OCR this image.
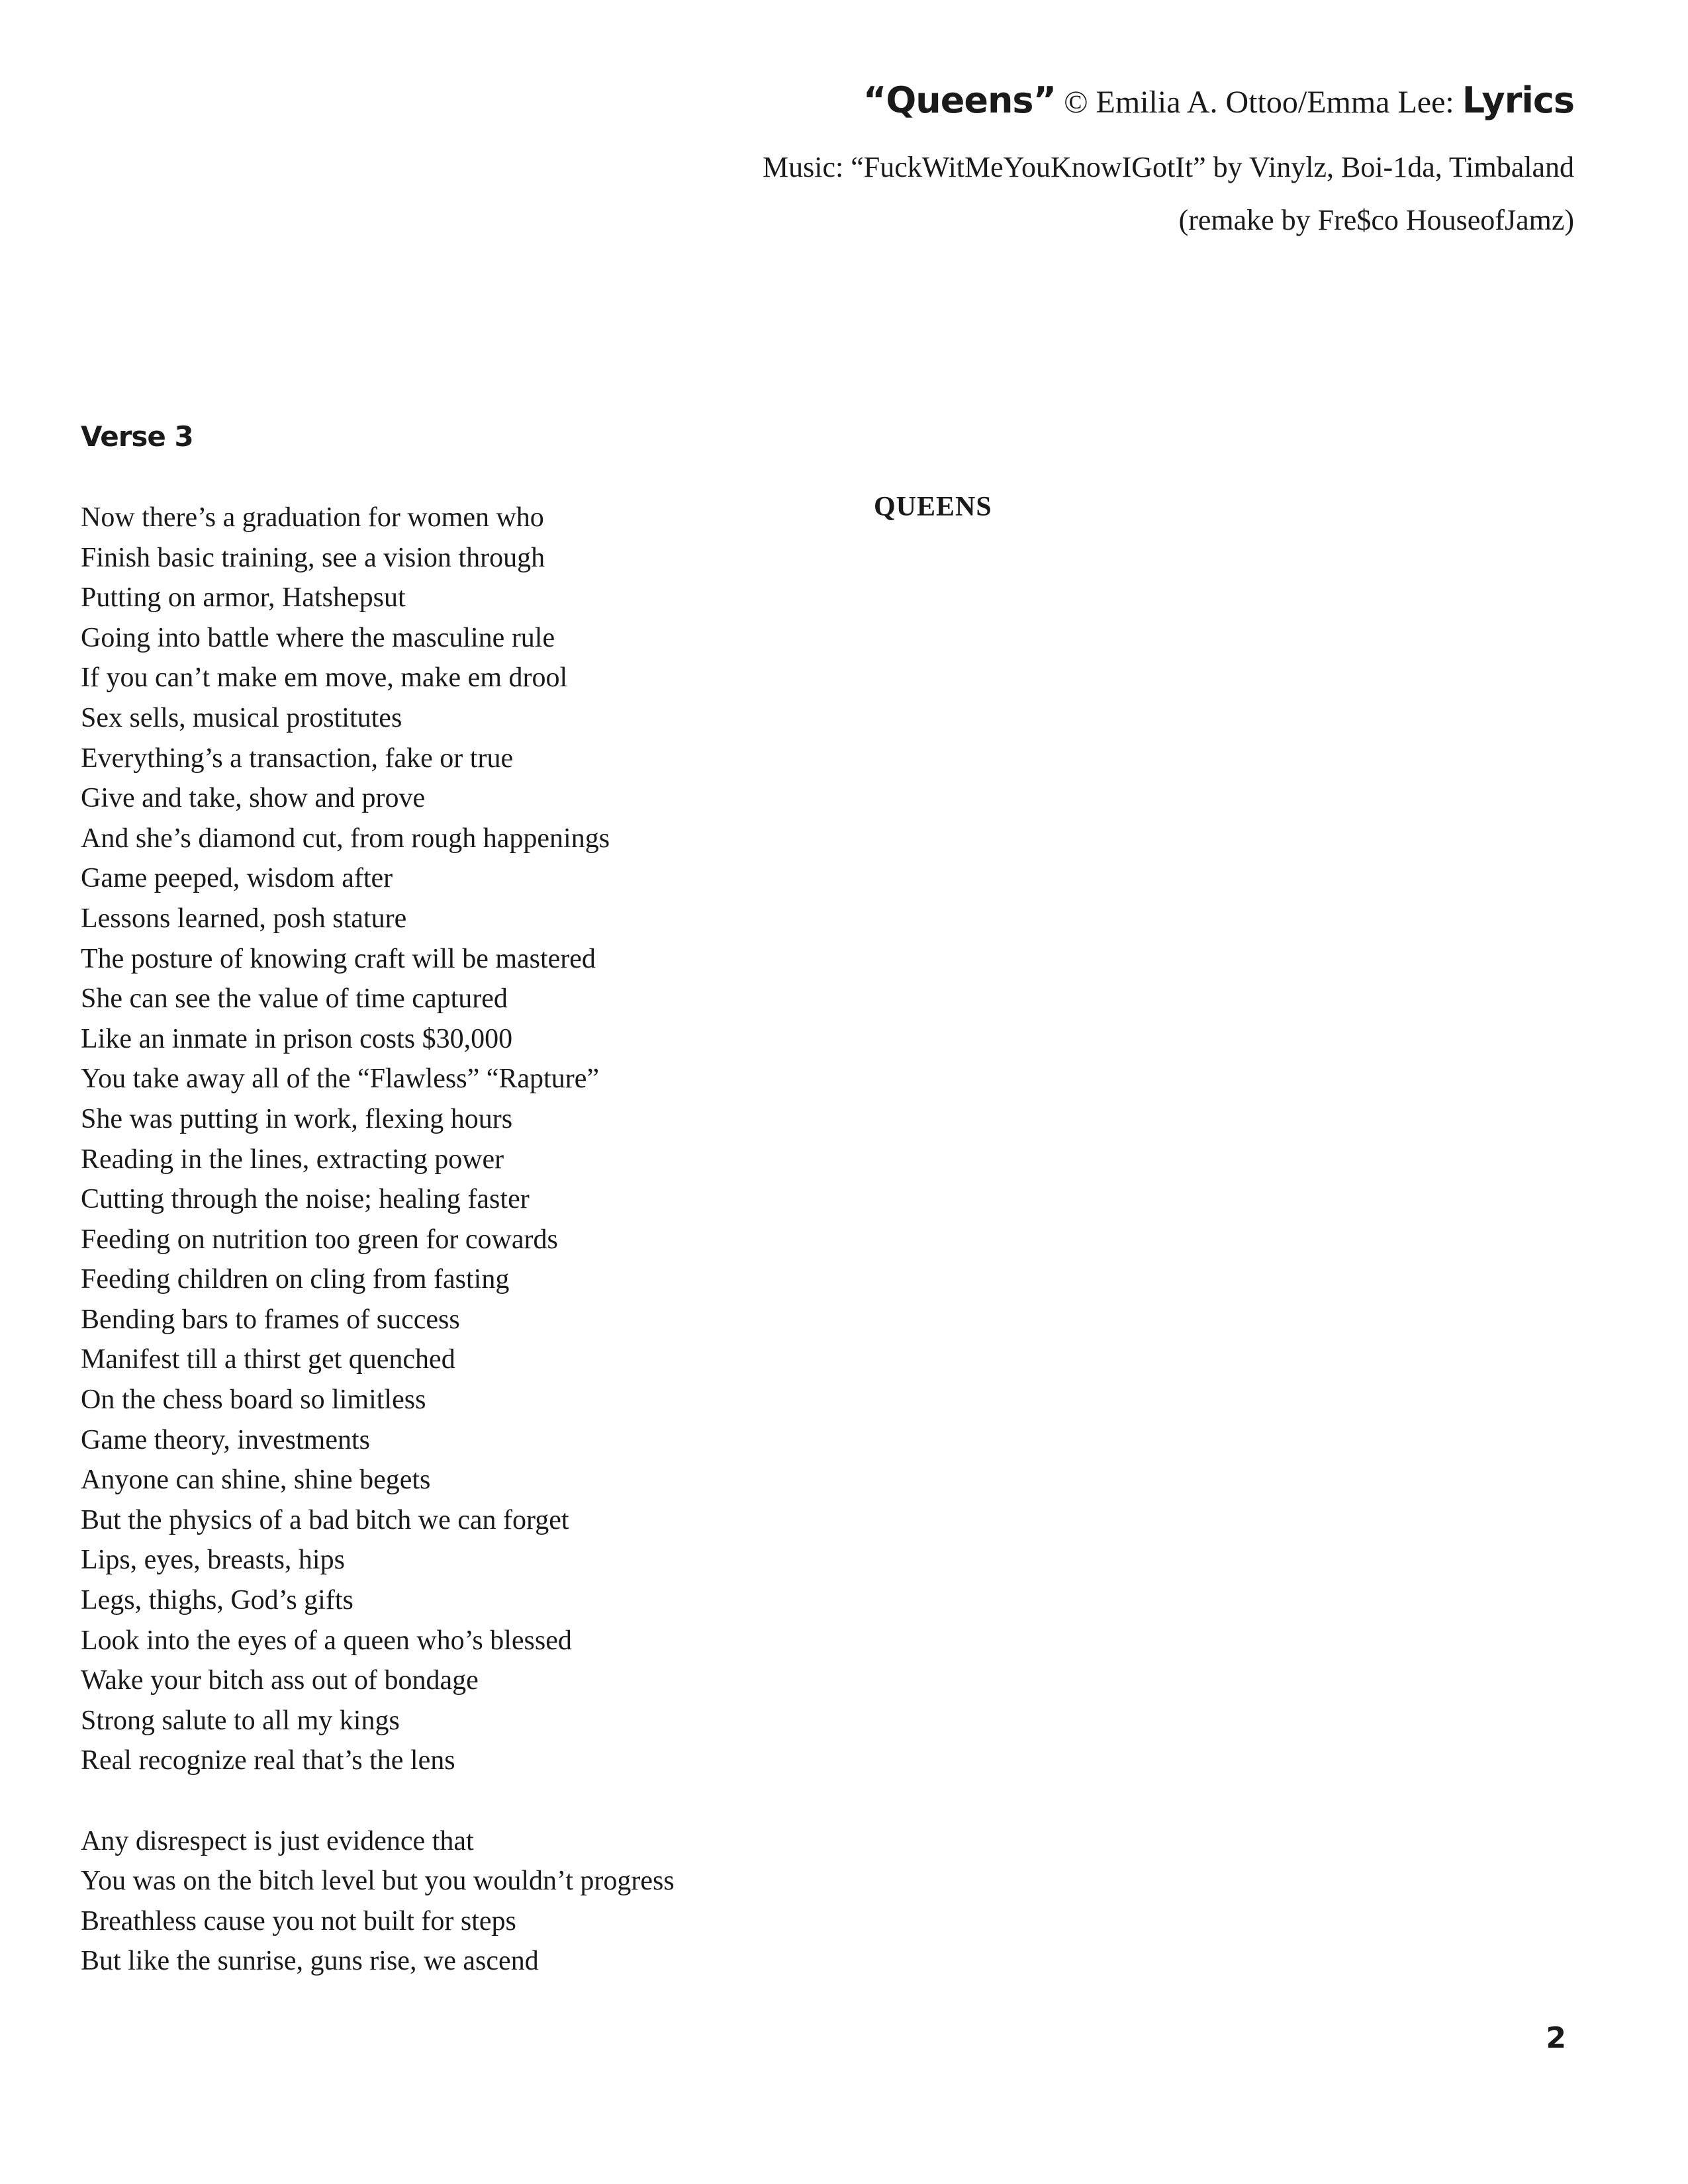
“Queens” © Emilia A. Ottoo/Emma Lee: Lyrics
Music: “FuckWitMeYouKnowIGotIt” by Vinylz, Boi-1da, Timbaland
(remake by Fre$co HouseofJamz)
Verse 3
QUEENS
Now there’s a graduation for women who
Finish basic training, see a vision through
Putting on armor, Hatshepsut
Going into battle where the masculine rule
If you can’t make em move, make em drool
Sex sells, musical prostitutes
Everything’s a transaction, fake or true
Give and take, show and prove
And she’s diamond cut, from rough happenings
Game peeped, wisdom after
Lessons learned, posh stature
The posture of knowing craft will be mastered
She can see the value of time captured
Like an inmate in prison costs $30,000
You take away all of the “Flawless” “Rapture”
She was putting in work, flexing hours
Reading in the lines, extracting power
Cutting through the noise; healing faster
Feeding on nutrition too green for cowards
Feeding children on cling from fasting
Bending bars to frames of success
Manifest till a thirst get quenched
On the chess board so limitless
Game theory, investments
Anyone can shine, shine begets
But the physics of a bad bitch we can forget
Lips, eyes, breasts, hips
Legs, thighs, God’s gifts
Look into the eyes of a queen who’s blessed
Wake your bitch ass out of bondage
Strong salute to all my kings
Real recognize real that’s the lens
Any disrespect is just evidence that
You was on the bitch level but you wouldn’t progress
Breathless cause you not built for steps
But like the sunrise, guns rise, we ascend
2
